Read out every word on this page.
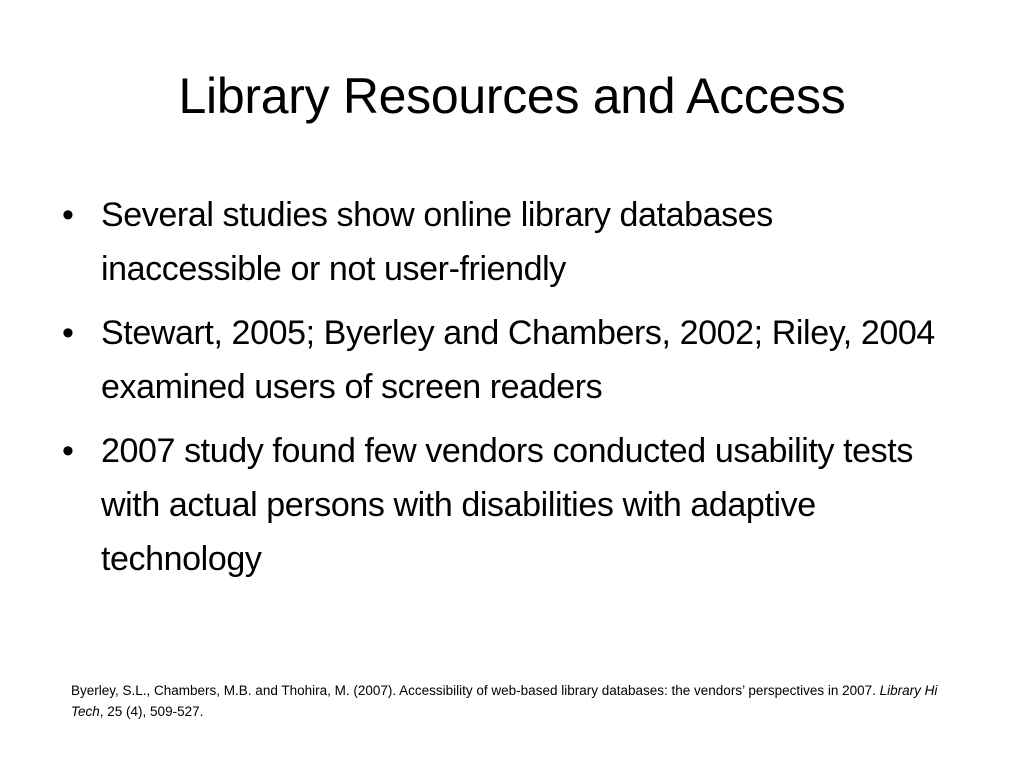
Library Resources and Access
• Several studies show online library databases inaccessible or not user-friendly
• Stewart, 2005; Byerley and Chambers, 2002; Riley, 2004 examined users of screen readers
• 2007 study found few vendors conducted usability tests with actual persons with disabilities with adaptive technology
Byerley, S.L., Chambers, M.B. and Thohira, M. (2007). Accessibility of web-based library databases: the vendors’ perspectives in 2007. Library Hi Tech, 25 (4), 509-527.
